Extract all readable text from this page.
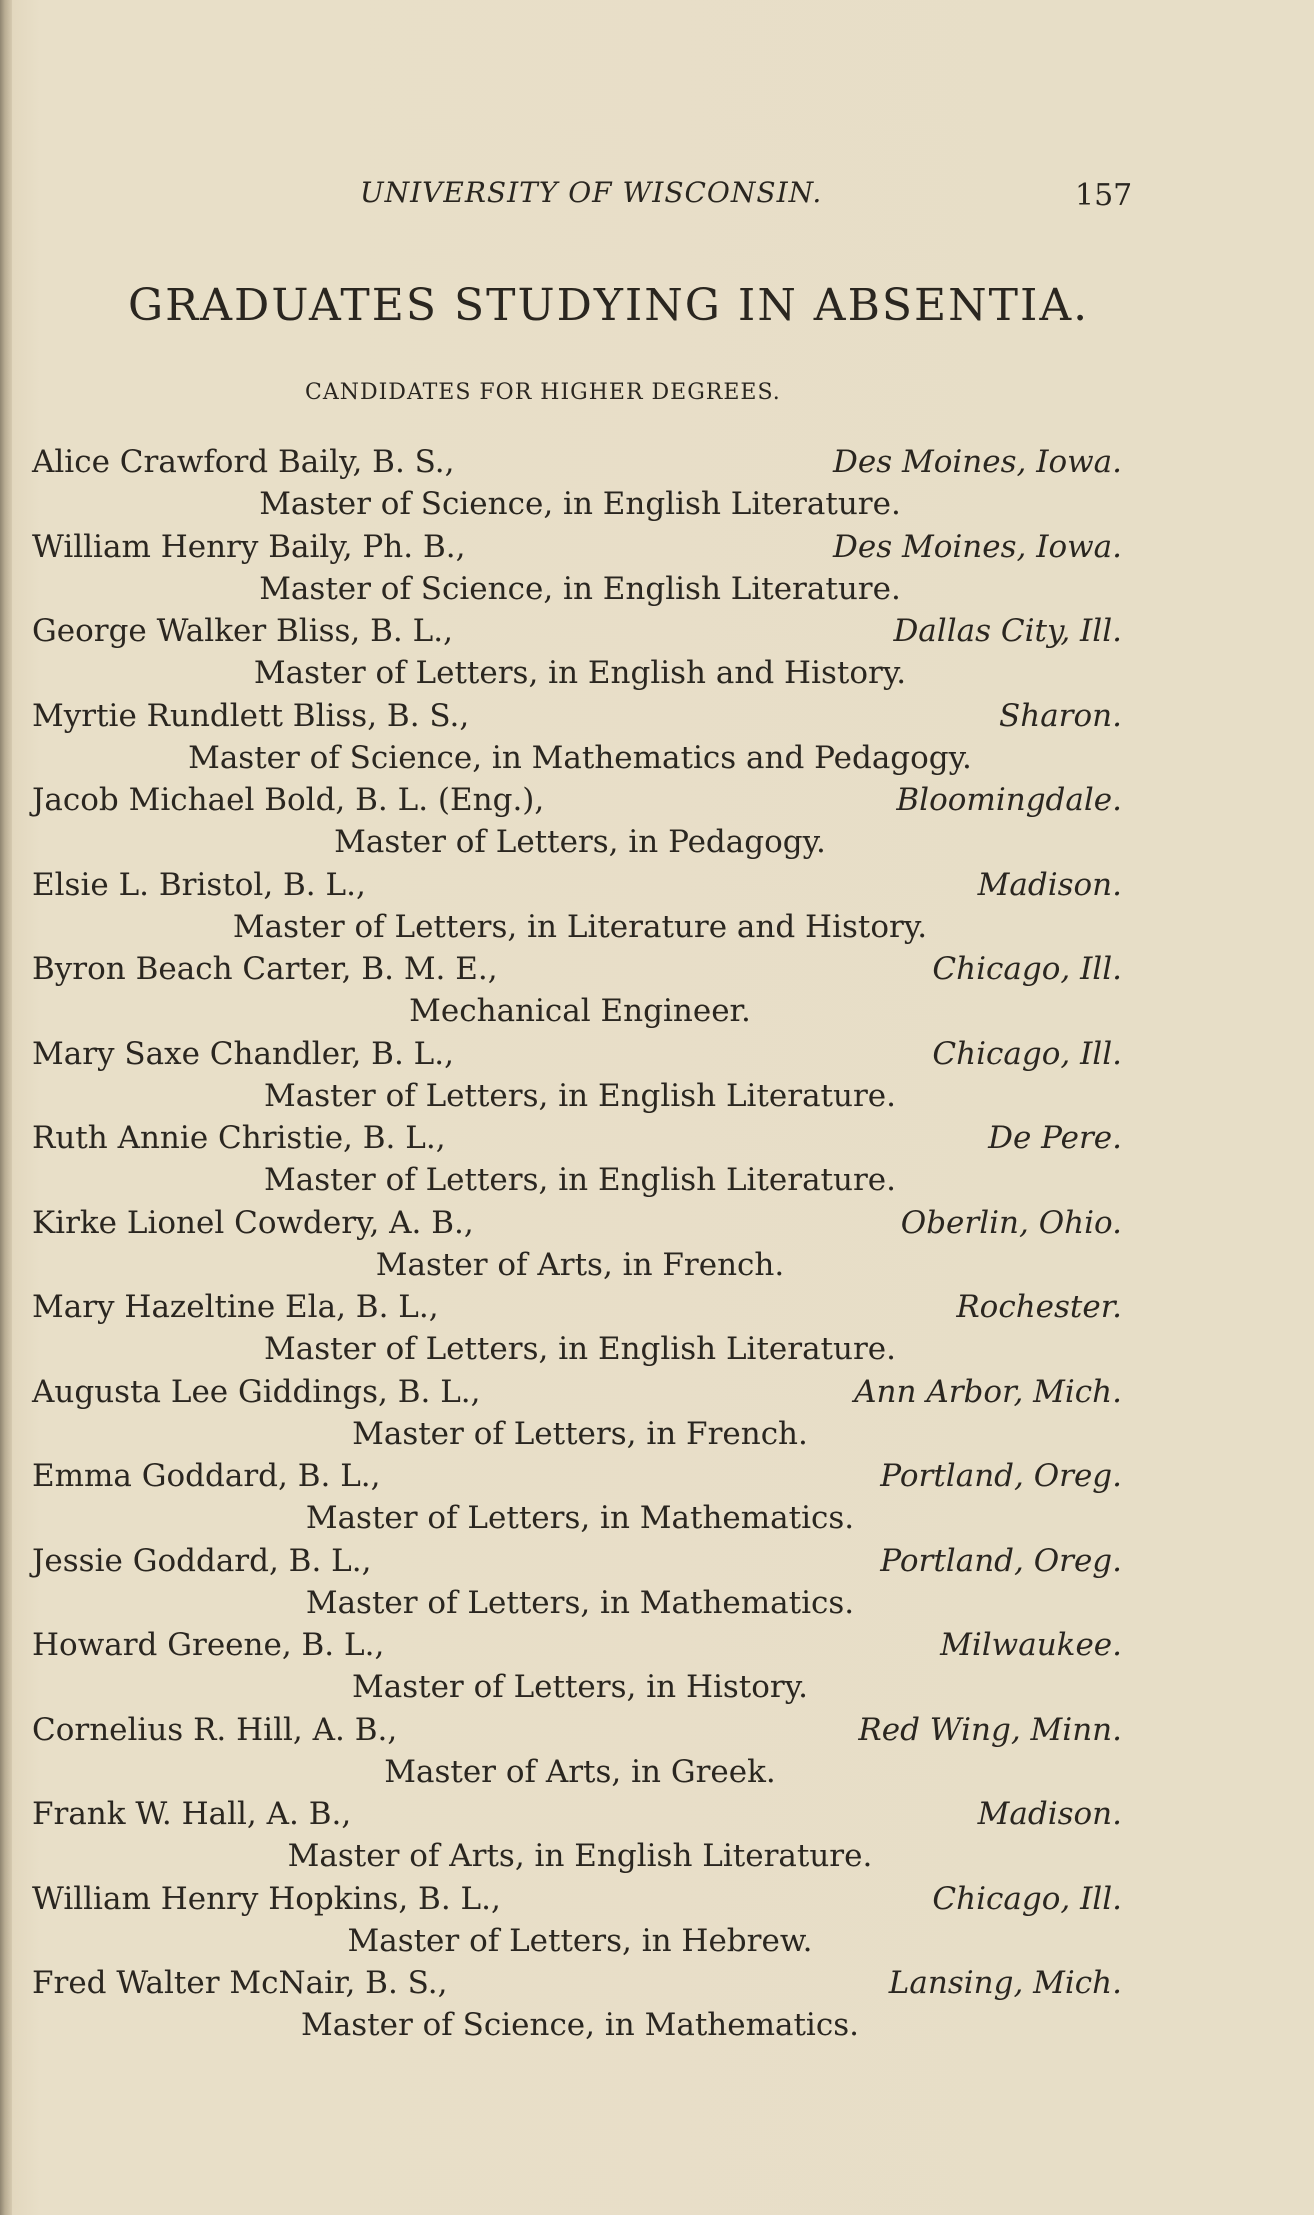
UNIVERSITY OF WISCONSIN.	157
GRADUATES STUDYING IN ABSENTIA.
CANDIDATES FOR HIGHER DEGREES.
Alice Crawford Baily, B. S.,	Des Moines, Iowa.
Master of Science, in English Literature.
William Henry Baily, Ph. B.,	Des Moines, Iowa.
Master of Science, in English Literature.
George Walker Bliss, B. L.,	Dallas City, Ill.
Master of Letters, in English and History.
Myrtie Rundlett Bliss, B. S.,	Sharon.
Master of Science, in Mathematics and Pedagogy.
Jacob Michael Bold, B. L. (Eng.),	Bloomingdale.
Master of Letters, in Pedagogy.
Elsie L. Bristol, B. L.,	Madison.
Master of Letters, in Literature and History.
Byron Beach Carter, B. M. E.,	Chicago, Ill.
Mechanical Engineer.
Mary Saxe Chandler, B. L.,	Chicago, Ill.
Master of Letters, in English Literature.
Ruth Annie Christie, B. L.,	De Pere.
Master of Letters, in English Literature.
Kirke Lionel Cowdery, A. B.,	Oberlin, Ohio.
Master of Arts, in French.
Mary Hazeltine Ela, B. L.,	Rochester.
Master of Letters, in English Literature.
Augusta Lee Giddings, B. L.,	Ann Arbor, Mich.
Master of Letters, in French.
Emma Goddard, B. L.,	Portland, Oreg.
Master of Letters, in Mathematics.
Jessie Goddard, B. L.,	Portland, Oreg.
Master of Letters, in Mathematics.
Howard Greene, B. L.,	Milwaukee.
Master of Letters, in History.
Cornelius R. Hill, A. B.,	Red Wing, Minn.
Master of Arts, in Greek.
Frank W. Hall, A. B.,	Madison.
Master of Arts, in English Literature.
William Henry Hopkins, B. L.,	Chicago, Ill.
Master of Letters, in Hebrew.
Fred Walter McNair, B. S.,	Lansing, Mich.
Master of Science, in Mathematics.
